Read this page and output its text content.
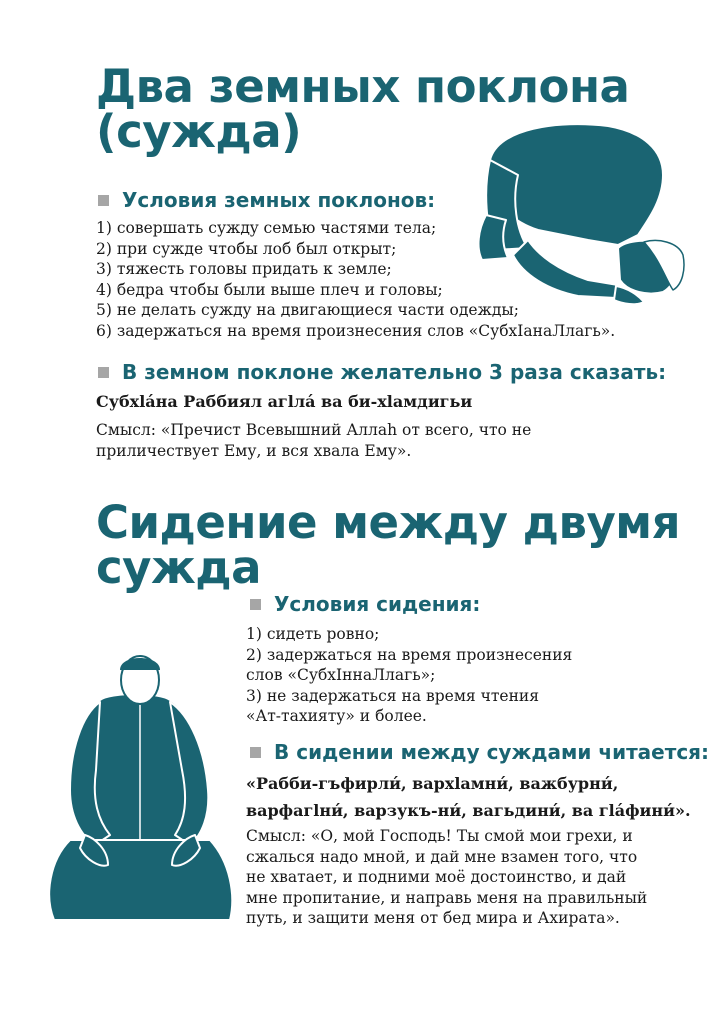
Два земных поклона
(суждa)
Условия земных поклонов:
1) совершать суждy семью частями тела;
2) при сужде чтобы лоб был открыт;
3) тяжесть головы придать к земле;
4) бедра чтобы были выше плеч и головы;
5) не делать суждy на двигающиеся части одежды;
6) задержаться на время произнесения слов «СубхIанаЛлагь».
В земном поклоне желательно 3 раза сказать:

Субхlа́на Раббиял агlла́ ва би-хlамдигьи

Смысл: «Пречист Всевышний Аллаh от всего, что не
приличествует Ему, и вся хвала Ему».

Сидение между двумя
суждa
Условия сидения:
1) сидеть ровно;
2) задержаться на время произнесения
слов «СубхIннаЛлагь»;
3) не задержаться на время чтения
«Ат-тахияту» и более.
В сидении между суждами читается:

«Рабби-гъфирли́, вархlамни́, важбурни́,
варфагlни́, варзукъ-ни́, вагьдини́, ва гlа́фини́».

Смысл: «О, мой Господь! Ты смой мои грехи, и
сжалься надо мной, и дай мне взамен того, что
не хватает, и подними моё достоинство, и дай
мне пропитание, и направь меня на правильный
путь, и защити меня от бед мира и Ахирата».
